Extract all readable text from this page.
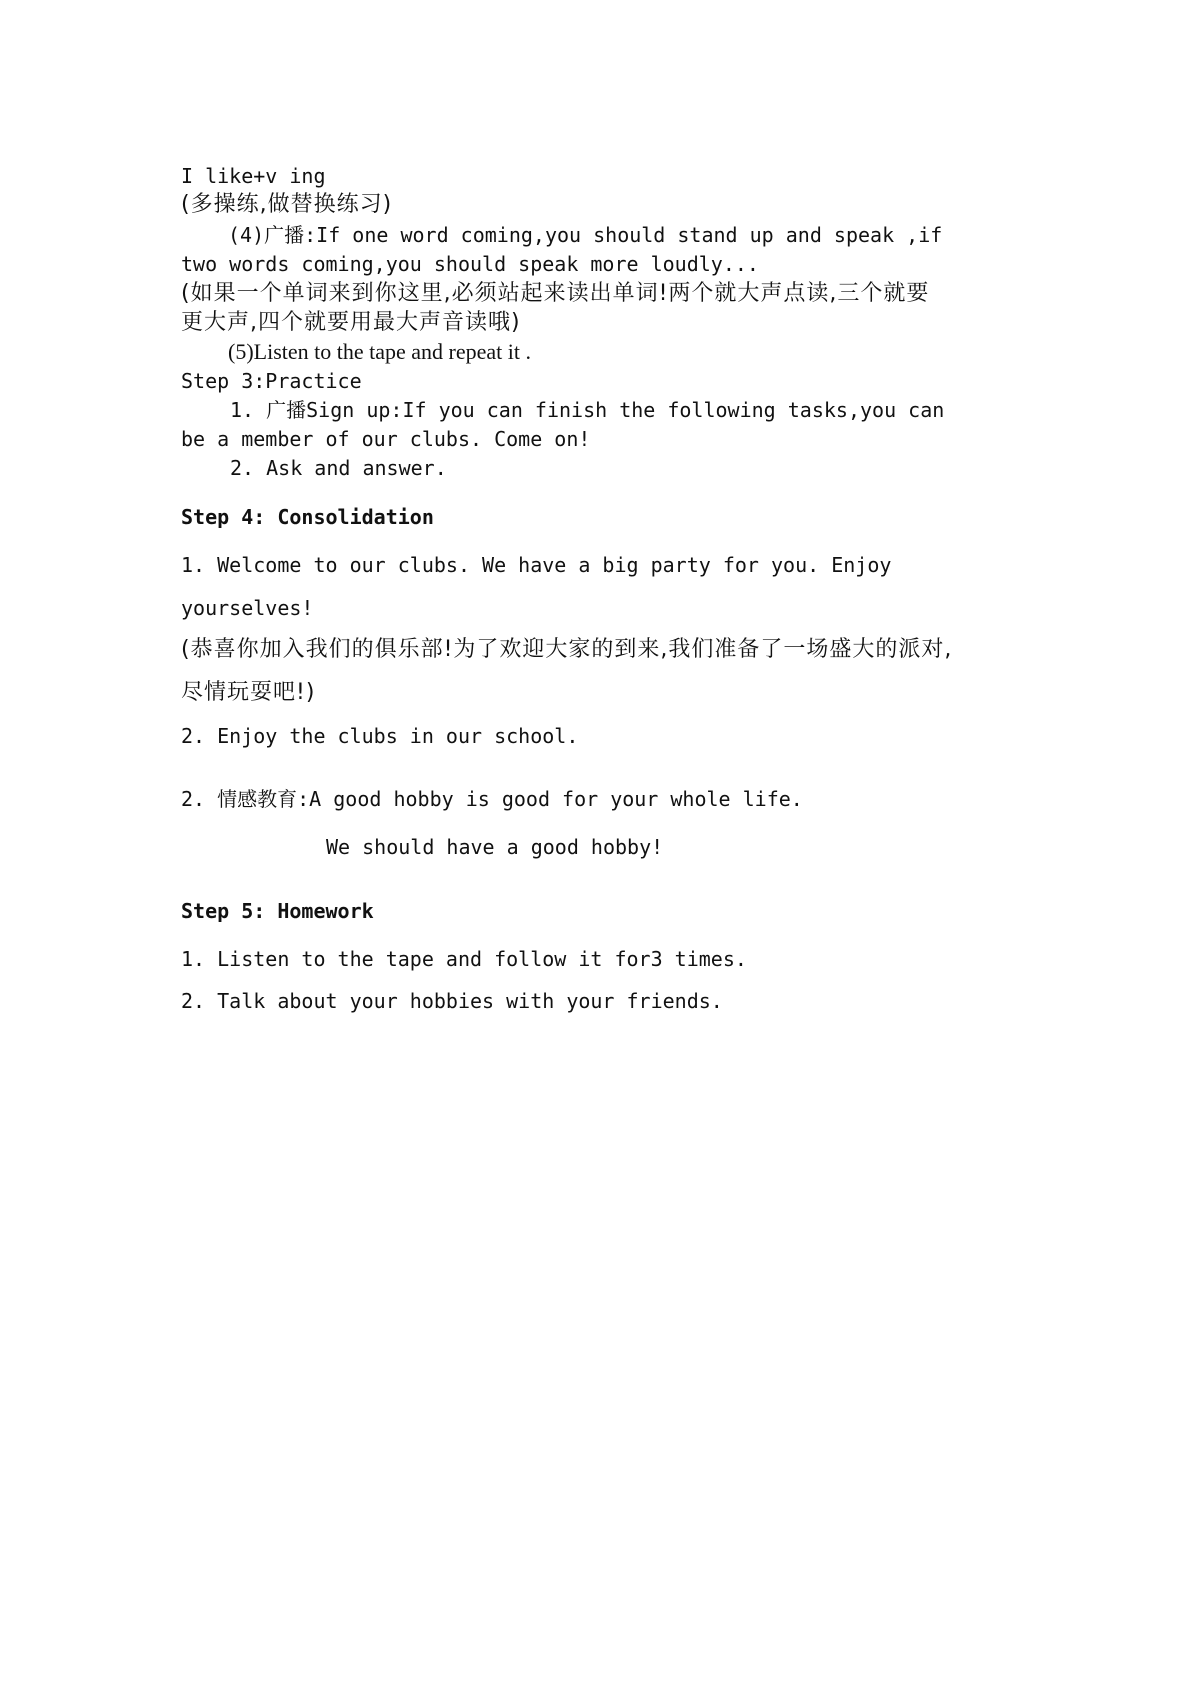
I like+v ing
(多操练,做替换练习)
(4)广播:If one word coming,you should stand up and speak ,if
two words coming,you should speak more loudly...
(如果一个单词来到你这里,必须站起来读出单词!两个就大声点读,三个就要
更大声,四个就要用最大声音读哦)
(5)Listen to the tape and repeat it .
Step 3:Practice
1. 广播Sign up:If you can finish the following tasks,you can
be a member of our clubs. Come on!
2. Ask and answer.
Step 4: Consolidation
1. Welcome to our clubs. We have a big party for you. Enjoy
yourselves!
(恭喜你加入我们的俱乐部!为了欢迎大家的到来,我们准备了一场盛大的派对,
尽情玩耍吧!)
2. Enjoy the clubs in our school.
2. 情感教育:A good hobby is good for your whole life.
We should have a good hobby!
Step 5: Homework
1. Listen to the tape and follow it for3 times.
2. Talk about your hobbies with your friends.
